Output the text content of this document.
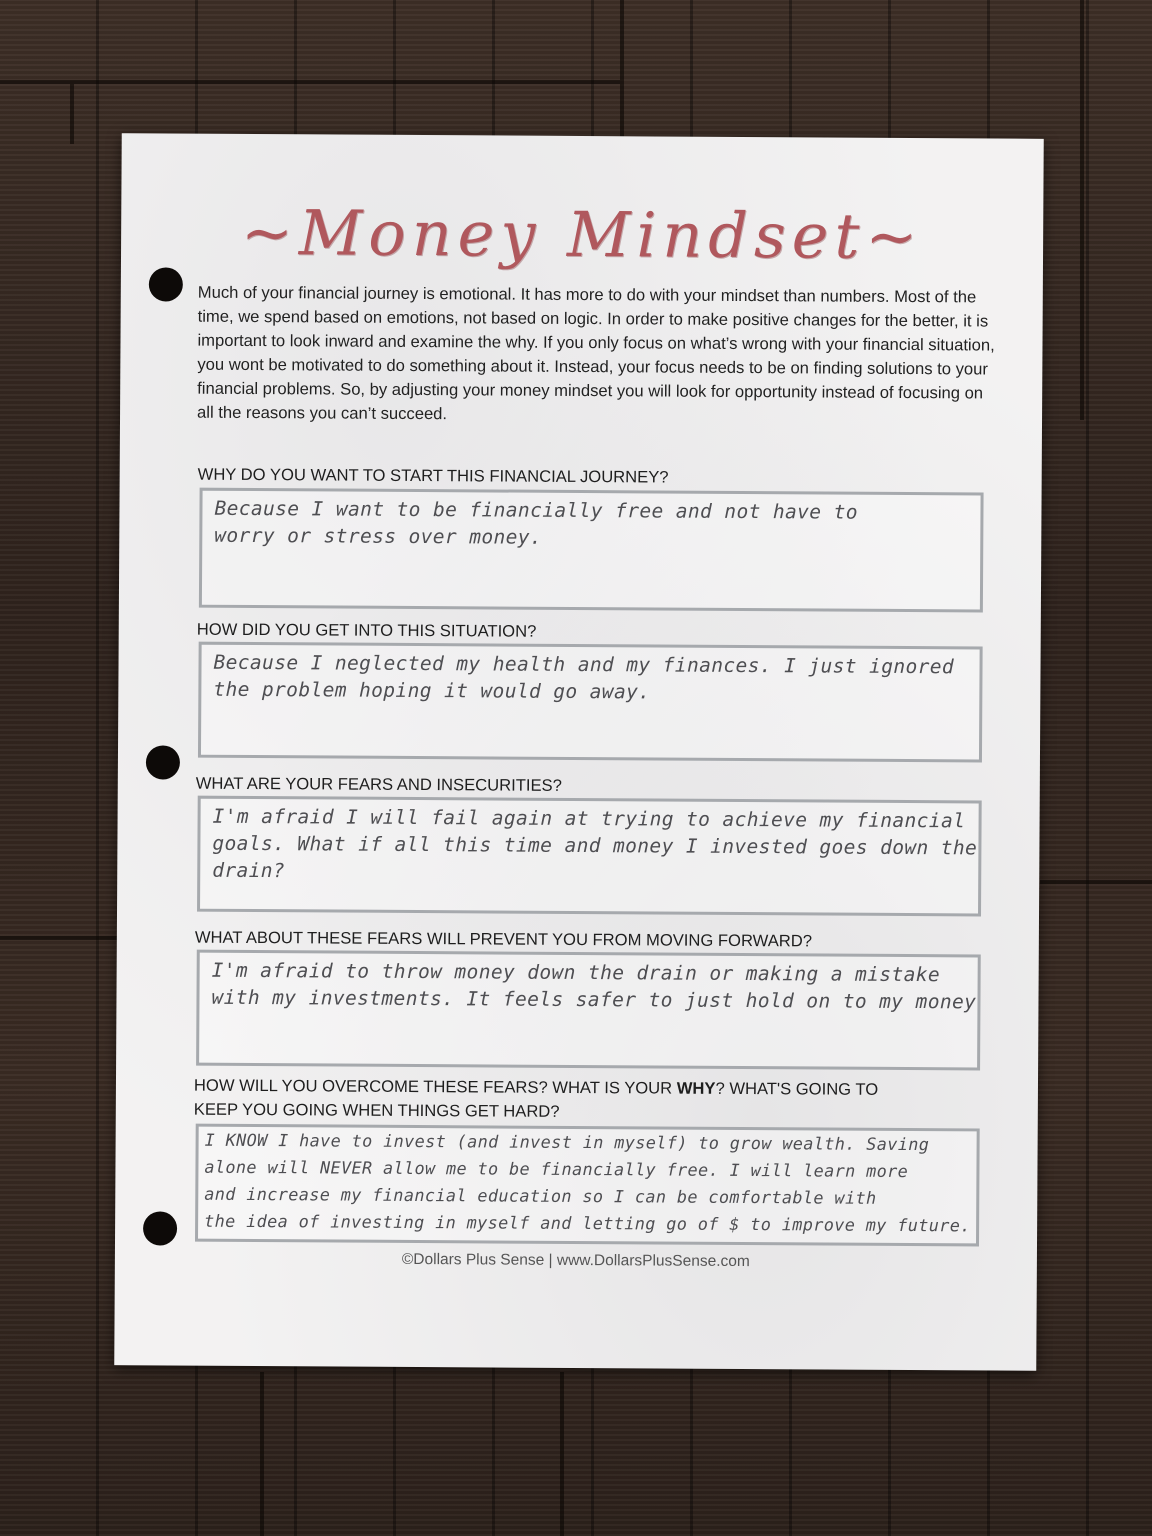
~Money Mindset~
Much of your financial journey is emotional. It has more to do with your mindset than numbers. Most of the time, we spend based on emotions, not based on logic. In order to make positive changes for the better, it is important to look inward and examine the why. If you only focus on what’s wrong with your financial situation, you wont be motivated to do something about it. Instead, your focus needs to be on finding solutions to your financial problems. So, by adjusting your money mindset you will look for opportunity instead of focusing on all the reasons you can’t succeed.
WHY DO YOU WANT TO START THIS FINANCIAL JOURNEY?

Because I want to be financially free and not have to

worry or stress over money.

HOW DID YOU GET INTO THIS SITUATION?

Because I neglected my health and my finances. I just ignored

the problem hoping it would go away.

WHAT ARE YOUR FEARS AND INSECURITIES?

I'm afraid I will fail again at trying to achieve my financial

goals. What if all this time and money I invested goes down the

drain?

WHAT ABOUT THESE FEARS WILL PREVENT YOU FROM MOVING FORWARD?

I'm afraid to throw money down the drain or making a mistake

with my investments. It feels safer to just hold on to my money

HOW WILL YOU OVERCOME THESE FEARS? WHAT IS YOUR WHY? WHAT'S GOING TO
KEEP YOU GOING WHEN THINGS GET HARD?

I KNOW I have to invest (and invest in myself) to grow wealth. Saving

alone will NEVER allow me to be financially free. I will learn more

and increase my financial education so I can be comfortable with

the idea of investing in myself and letting go of $ to improve my future.

©Dollars Plus Sense | www.DollarsPlusSense.com
